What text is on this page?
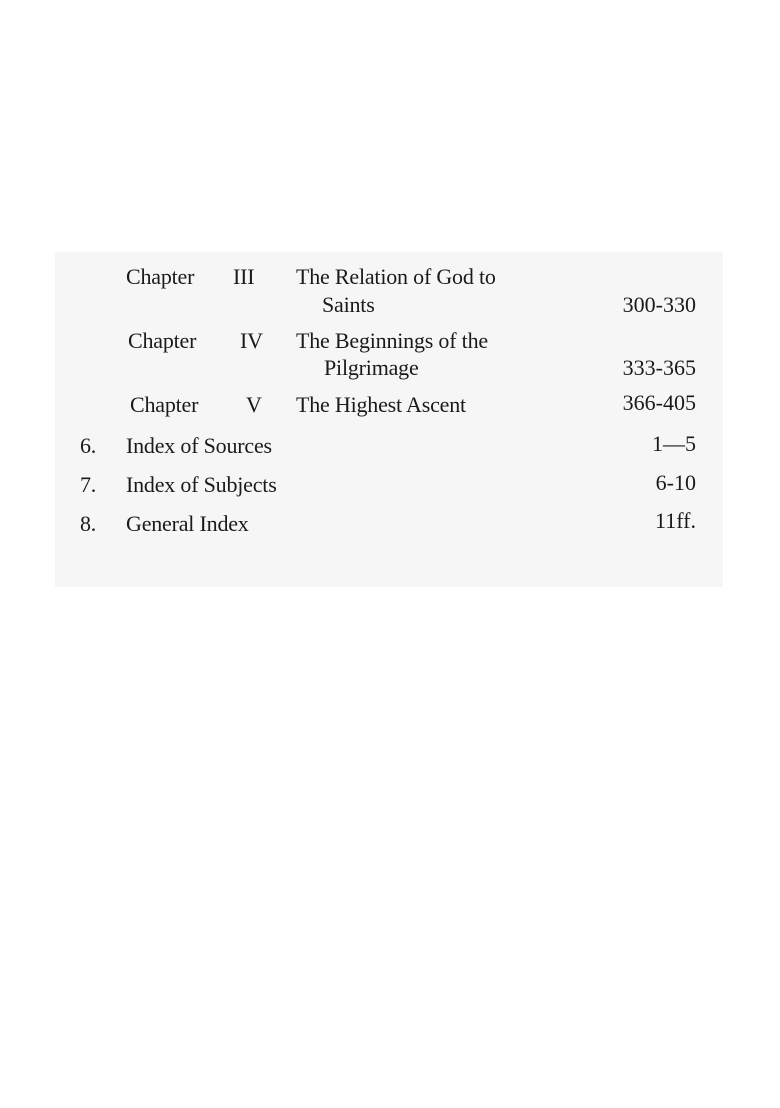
Chapter III The Relation of God to
Saints	300-330
Chapter IV The Beginnings of the
Pilgrimage	333-365
Chapter V The Highest Ascent	366-405
6. Index of Sources	1—5
7. Index of Subjects	6-10
8. General Index	11ff.
